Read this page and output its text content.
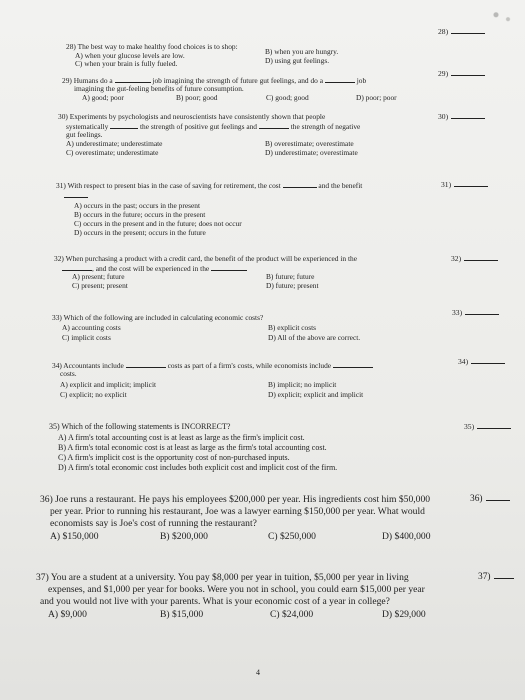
28)
28) The best way to make healthy food choices is to shop:
A) when your glucose levels are low.	B) when you are hungry.
C) when your brain is fully fueled.	D) using gut feelings.
29) Humans do a	job imagining the strength of future gut feelings, and do a	job
imagining the gut-feeling benefits of future consumption.
A) good; poor	B) poor; good	C) good; good	D) poor; poor
29)
30) Experiments by psychologists and neuroscientists have consistently shown that people
systematically	the strength of positive gut feelings and	the strength of negative
gut feelings.
A) underestimate; underestimate	B) overestimate; overestimate
C) overestimate; underestimate	D) underestimate; overestimate
30)
31) With respect to present bias in the case of saving for retirement, the cost	and the benefit
A) occurs in the past; occurs in the present
B) occurs in the future; occurs in the present
C) occurs in the present and in the future; does not occur
D) occurs in the present; occurs in the future
31)
32) When purchasing a product with a credit card, the benefit of the product will be experienced in the
, and the cost will be experienced in the
A) present; future	B) future; future
C) present; present	D) future; present
32)
33) Which of the following are included in calculating economic costs?
A) accounting costs	B) explicit costs
C) implicit costs	D) All of the above are correct.
33)
34) Accountants include	costs as part of a firm's costs, while economists include
costs.
A) explicit and implicit; implicit	B) implicit; no implicit
C) explicit; no explicit	D) explicit; explicit and implicit
34)
35) Which of the following statements is INCORRECT?
A) A firm's total accounting cost is at least as large as the firm's implicit cost.
B) A firm's total economic cost is at least as large as the firm's total accounting cost.
C) A firm's implicit cost is the opportunity cost of non-purchased inputs.
D) A firm's total economic cost includes both explicit cost and implicit cost of the firm.
35)
36) Joe runs a restaurant. He pays his employees $200,000 per year. His ingredients cost him $50,000
per year. Prior to running his restaurant, Joe was a lawyer earning $150,000 per year. What would
economists say is Joe's cost of running the restaurant?
A) $150,000	B) $200,000	C) $250,000	D) $400,000
36)
37) You are a student at a university. You pay $8,000 per year in tuition, $5,000 per year in living
expenses, and $1,000 per year for books. Were you not in school, you could earn $15,000 per year
and you would not live with your parents. What is your economic cost of a year in college?
A) $9,000	B) $15,000	C) $24,000	D) $29,000
37)
4
